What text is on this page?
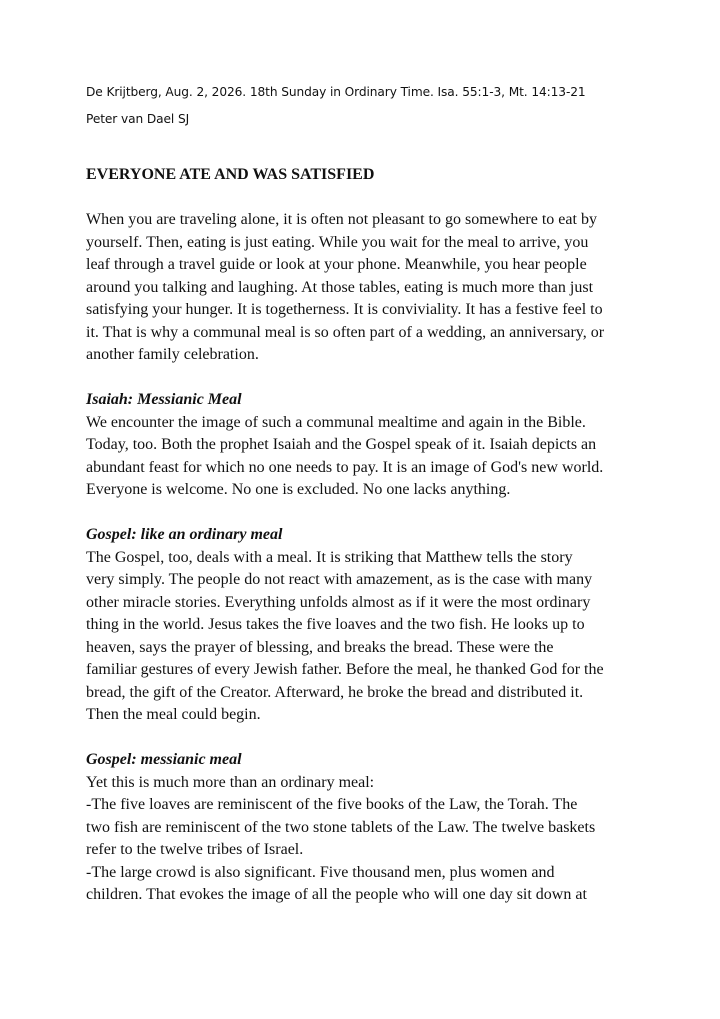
De Krijtberg, Aug. 2, 2026. 18th Sunday in Ordinary Time. Isa. 55:1-3, Mt. 14:13-21

Peter van Dael SJ

EVERYONE ATE AND WAS SATISFIED

When you are traveling alone, it is often not pleasant to go somewhere to eat by
yourself. Then, eating is just eating. While you wait for the meal to arrive, you
leaf through a travel guide or look at your phone. Meanwhile, you hear people
around you talking and laughing. At those tables, eating is much more than just
satisfying your hunger. It is togetherness. It is conviviality. It has a festive feel to
it. That is why a communal meal is so often part of a wedding, an anniversary, or
another family celebration.

Isaiah: Messianic Meal

We encounter the image of such a communal mealtime and again in the Bible.
Today, too. Both the prophet Isaiah and the Gospel speak of it. Isaiah depicts an
abundant feast for which no one needs to pay. It is an image of God's new world.
Everyone is welcome. No one is excluded. No one lacks anything.

Gospel: like an ordinary meal

The Gospel, too, deals with a meal. It is striking that Matthew tells the story
very simply. The people do not react with amazement, as is the case with many
other miracle stories. Everything unfolds almost as if it were the most ordinary
thing in the world. Jesus takes the five loaves and the two fish. He looks up to
heaven, says the prayer of blessing, and breaks the bread. These were the
familiar gestures of every Jewish father. Before the meal, he thanked God for the
bread, the gift of the Creator. Afterward, he broke the bread and distributed it.
Then the meal could begin.

Gospel: messianic meal

Yet this is much more than an ordinary meal:
-The five loaves are reminiscent of the five books of the Law, the Torah. The
two fish are reminiscent of the two stone tablets of the Law. The twelve baskets
refer to the twelve tribes of Israel.
-The large crowd is also significant. Five thousand men, plus women and
children. That evokes the image of all the people who will one day sit down at
